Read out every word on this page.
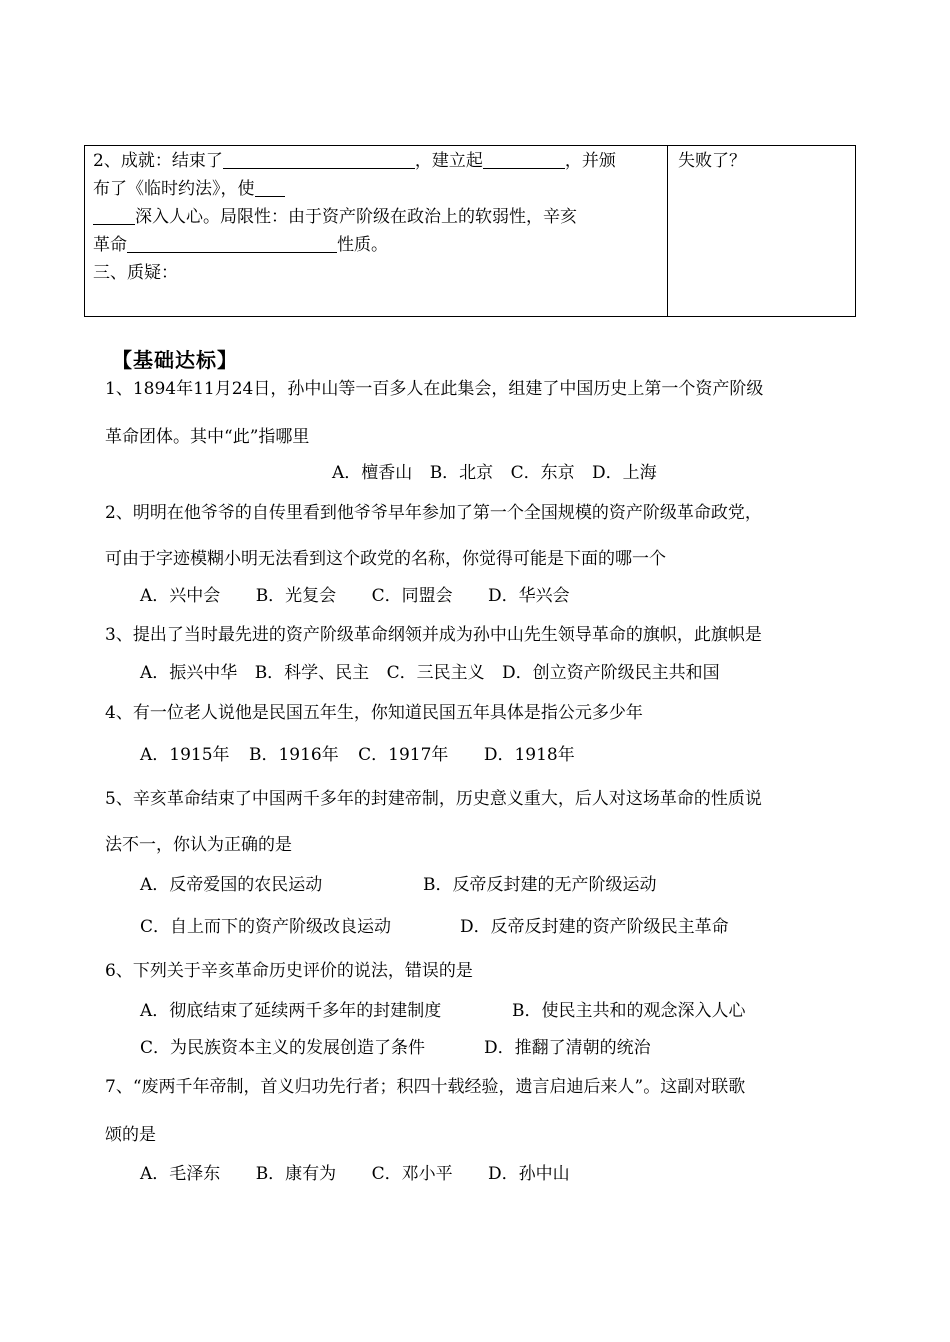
2、成就：结束了	，建立起	，并颁
布了《临时约法》，使
深入人心。局限性：由于资产阶级在政治上的软弱性，辛亥
革命	性质。
三、质疑：
失败了？
【基础达标】
1、1894年11月24日，孙中山等一百多人在此集会，组建了中国历史上第一个资产阶级
革命团体。其中“此”指哪里
A．檀香山 B．北京 C．东京 D．上海
2、明明在他爷爷的自传里看到他爷爷早年参加了第一个全国规模的资产阶级革命政党，
可由于字迹模糊小明无法看到这个政党的名称，你觉得可能是下面的哪一个
A．兴中会 B．光复会 C．同盟会 D．华兴会
3、提出了当时最先进的资产阶级革命纲领并成为孙中山先生领导革命的旗帜，此旗帜是
A．振兴中华 B．科学、民主 C．三民主义 D．创立资产阶级民主共和国
4、有一位老人说他是民国五年生，你知道民国五年具体是指公元多少年
A．1915年 B．1916年 C．1917年 D．1918年
5、辛亥革命结束了中国两千多年的封建帝制，历史意义重大，后人对这场革命的性质说
法不一，你认为正确的是
A．反帝爱国的农民运动	B．反帝反封建的无产阶级运动
C．自上而下的资产阶级改良运动	D．反帝反封建的资产阶级民主革命
6、下列关于辛亥革命历史评价的说法，错误的是
A．彻底结束了延续两千多年的封建制度	B．使民主共和的观念深入人心
C．为民族资本主义的发展创造了条件	D．推翻了清朝的统治
7、“废两千年帝制，首义归功先行者；积四十载经验，遗言启迪后来人”。这副对联歌
颂的是
A．毛泽东 B．康有为 C．邓小平 D．孙中山
